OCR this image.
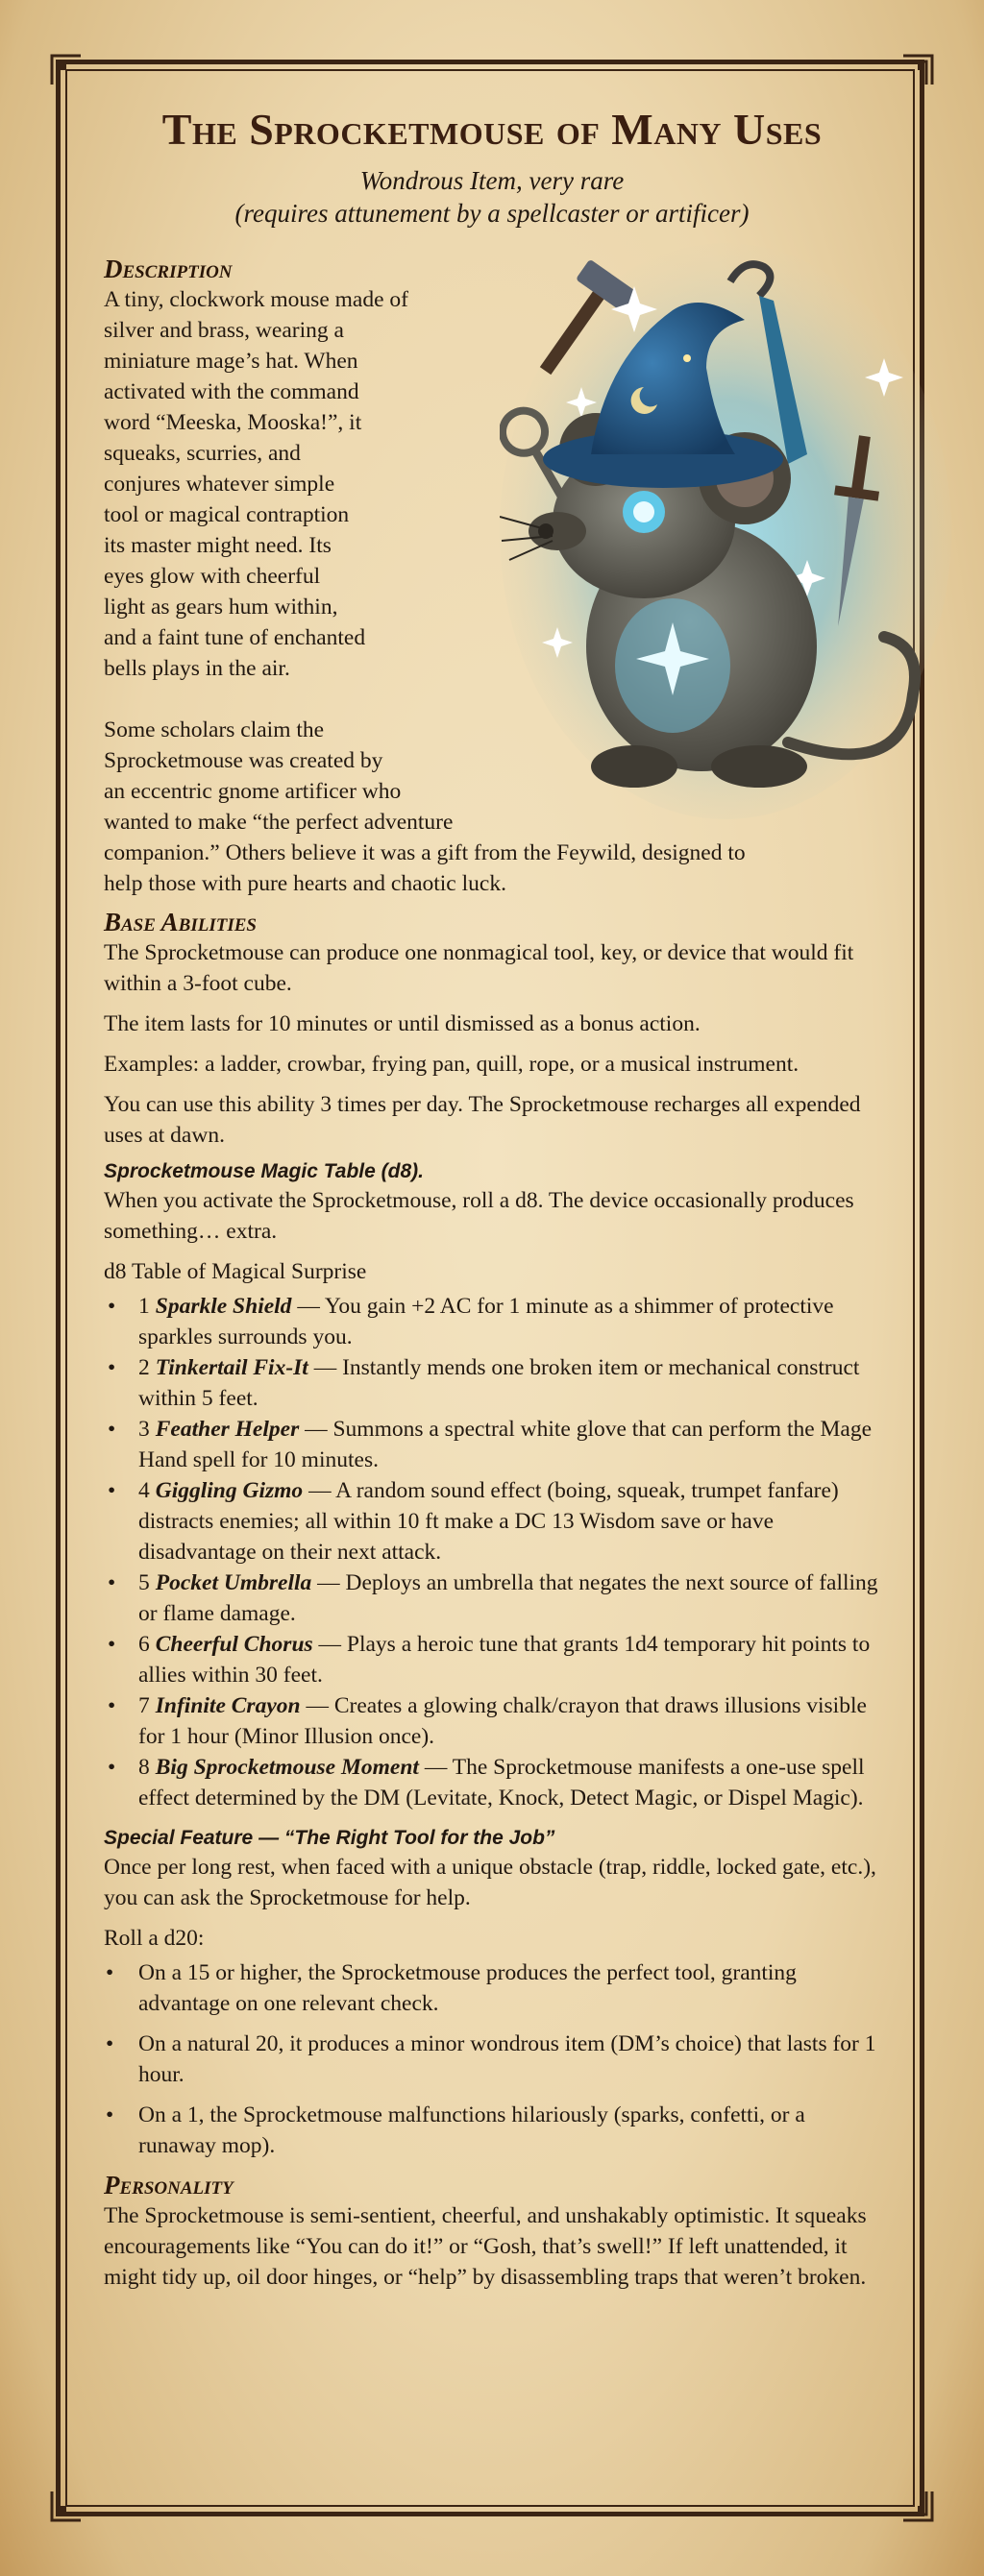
The Sprocketmouse of Many Uses
Wondrous Item, very rare
(requires attunement by a spellcaster or artificer)
Description

A tiny, clockwork mouse made of
silver and brass, wearing a
miniature mage’s hat. When
activated with the command
word “Meeska, Mooska!”, it
squeaks, scurries, and
conjures whatever simple
tool or magical contraption
its master might need. Its
eyes glow with cheerful
light as gears hum within,
and a faint tune of enchanted
bells plays in the air.

Some scholars claim the
Sprocketmouse was created by
an eccentric gnome artificer who
wanted to make “the perfect adventure
companion.” Others believe it was a gift from the Feywild, designed to
help those with pure hearts and chaotic luck.

Base Abilities

The Sprocketmouse can produce one nonmagical tool, key, or device that would fit within a 3-foot cube.

The item lasts for 10 minutes or until dismissed as a bonus action.

Examples: a ladder, crowbar, frying pan, quill, rope, or a musical instrument.

You can use this ability 3 times per day. The Sprocketmouse recharges all expended uses at dawn.

Sprocketmouse Magic Table (d8).

When you activate the Sprocketmouse, roll a d8. The device occasionally produces something… extra.

d8 Table of Magical Surprise

• 1 Sparkle Shield — You gain +2 AC for 1 minute as a shimmer of protective sparkles surrounds you.
• 2 Tinkertail Fix-It — Instantly mends one broken item or mechanical construct within 5 feet.
• 3 Feather Helper — Summons a spectral white glove that can perform the Mage Hand spell for 10 minutes.
• 4 Giggling Gizmo — A random sound effect (boing, squeak, trumpet fanfare) distracts enemies; all within 10 ft make a DC 13 Wisdom save or have disadvantage on their next attack.
• 5 Pocket Umbrella — Deploys an umbrella that negates the next source of falling or flame damage.
• 6 Cheerful Chorus — Plays a heroic tune that grants 1d4 temporary hit points to allies within 30 feet.
• 7 Infinite Crayon — Creates a glowing chalk/crayon that draws illusions visible for 1 hour (Minor Illusion once).
• 8 Big Sprocketmouse Moment — The Sprocketmouse manifests a one-use spell effect determined by the DM (Levitate, Knock, Detect Magic, or Dispel Magic).
Special Feature — “The Right Tool for the Job”

Once per long rest, when faced with a unique obstacle (trap, riddle, locked gate, etc.), you can ask the Sprocketmouse for help.

Roll a d20:

• On a 15 or higher, the Sprocketmouse produces the perfect tool, granting advantage on one relevant check.
• On a natural 20, it produces a minor wondrous item (DM’s choice) that lasts for 1 hour.
• On a 1, the Sprocketmouse malfunctions hilariously (sparks, confetti, or a runaway mop).
Personality

The Sprocketmouse is semi-sentient, cheerful, and unshakably optimistic. It squeaks encouragements like “You can do it!” or “Gosh, that’s swell!” If left unattended, it might tidy up, oil door hinges, or “help” by disassembling traps that weren’t broken.
